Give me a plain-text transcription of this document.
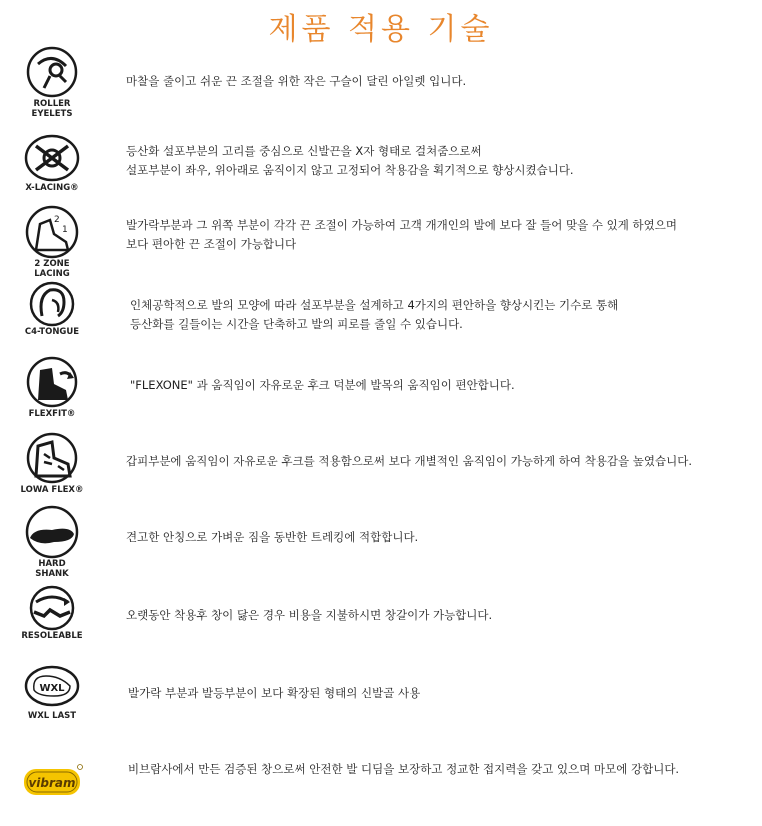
제품 적용 기술
ROLLER
EYELETS
마찰을 줄이고 쉬운 끈 조절을 위한 작은 구슬이 달린 아일렛 입니다.
X-LACING®
등산화 설포부분의 고리를 중심으로 신발끈을 X자 형태로 걸쳐줌으로써
설포부분이 좌우, 위아래로 움직이지 않고 고정되어 착용감을 획기적으로 향상시켰습니다.
2
1
2 ZONE
LACING
발가락부분과 그 위쪽 부분이 각각 끈 조절이 가능하여 고객 개개인의 발에 보다 잘 들어 맞을 수 있게 하였으며
보다 편아한 끈 조절이 가능합니다
C4-TONGUE
인체공학적으로 발의 모양에 따라 설포부분을 설계하고 4가지의 편안하을 향상시킨는 기수로 통해
등산화를 길들이는 시간을 단축하고 발의 피로를 줄일 수 있습니다.
FLEXFIT®
"FLEXONE" 과 움직임이 자유로운 후크 덕분에 발목의 움직임이 편안합니다.
LOWA FLEX®
갑피부분에 움직임이 자유로운 후크를 적용함으로써 보다 개별적인 움직임이 가능하게 하여 착용감을 높였습니다.
HARD
SHANK
견고한 안칭으로 가벼운 짐을 동반한 트레킹에 적합합니다.
RESOLEABLE
오랫동안 착용후 창이 닳은 경우 비용을 지불하시면 창갈이가 가능합니다.
WXL
WXL LAST
발가락 부분과 발등부분이 보다 확장된 형태의 신발골 사용
vibram
비브람사에서 만든 검증된 창으로써 안전한 발 디딤을 보장하고 정교한 접지력을 갖고 있으며 마모에 강합니다.
